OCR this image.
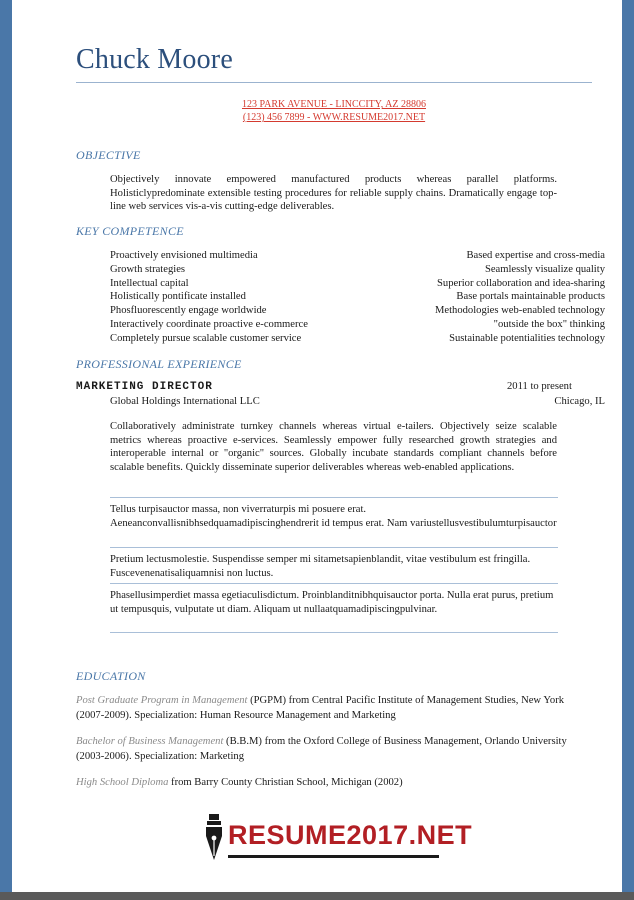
Chuck Moore
123 PARK AVENUE - LINCCITY, AZ 28806
(123) 456 7899 - WWW.RESUME2017.NET
OBJECTIVE
Objectively innovate empowered manufactured products whereas parallel platforms. Holisticlypredominate extensible testing procedures for reliable supply chains. Dramatically engage top-line web services vis-a-vis cutting-edge deliverables.
KEY COMPETENCE
Proactively envisioned multimedia	Based expertise and cross-media
Growth strategies	Seamlessly visualize quality
Intellectual capital	Superior collaboration and idea-sharing
Holistically pontificate installed	Base portals maintainable products
Phosfluorescently engage worldwide	Methodologies web-enabled technology
Interactively coordinate proactive e-commerce	"outside the box" thinking
Completely pursue scalable customer service	Sustainable potentialities technology
PROFESSIONAL EXPERIENCE
MARKETING DIRECTOR	2011 to present
Global Holdings International LLC	Chicago, IL
Collaboratively administrate turnkey channels whereas virtual e-tailers. Objectively seize scalable metrics whereas proactive e-services. Seamlessly empower fully researched growth strategies and interoperable internal or "organic" sources. Globally incubate standards compliant channels before scalable benefits. Quickly disseminate superior deliverables whereas web-enabled applications.
Tellus turpisauctor massa, non viverraturpis mi posuere erat. Aeneanconvallisnibhsedquamadipiscinghendrerit id tempus erat. Nam variustellusvestibulumturpisauctor
Pretium lectusmolestie. Suspendisse semper mi sitametsapienblandit, vitae vestibulum est fringilla. Fuscevenenatisaliquamnisi non luctus.
Phasellusimperdiet massa egetiaculisdictum. Proinblanditnibhquisauctor porta. Nulla erat purus, pretium ut tempusquis, vulputate ut diam. Aliquam ut nullaatquamadipiscingpulvinar.
EDUCATION
Post Graduate Program in Management (PGPM) from Central Pacific Institute of Management Studies, New York (2007-2009). Specialization: Human Resource Management and Marketing
Bachelor of Business Management (B.B.M) from the Oxford College of Business Management, Orlando University (2003-2006). Specialization: Marketing
High School Diploma from Barry County Christian School, Michigan (2002)
RESUME2017.NET
